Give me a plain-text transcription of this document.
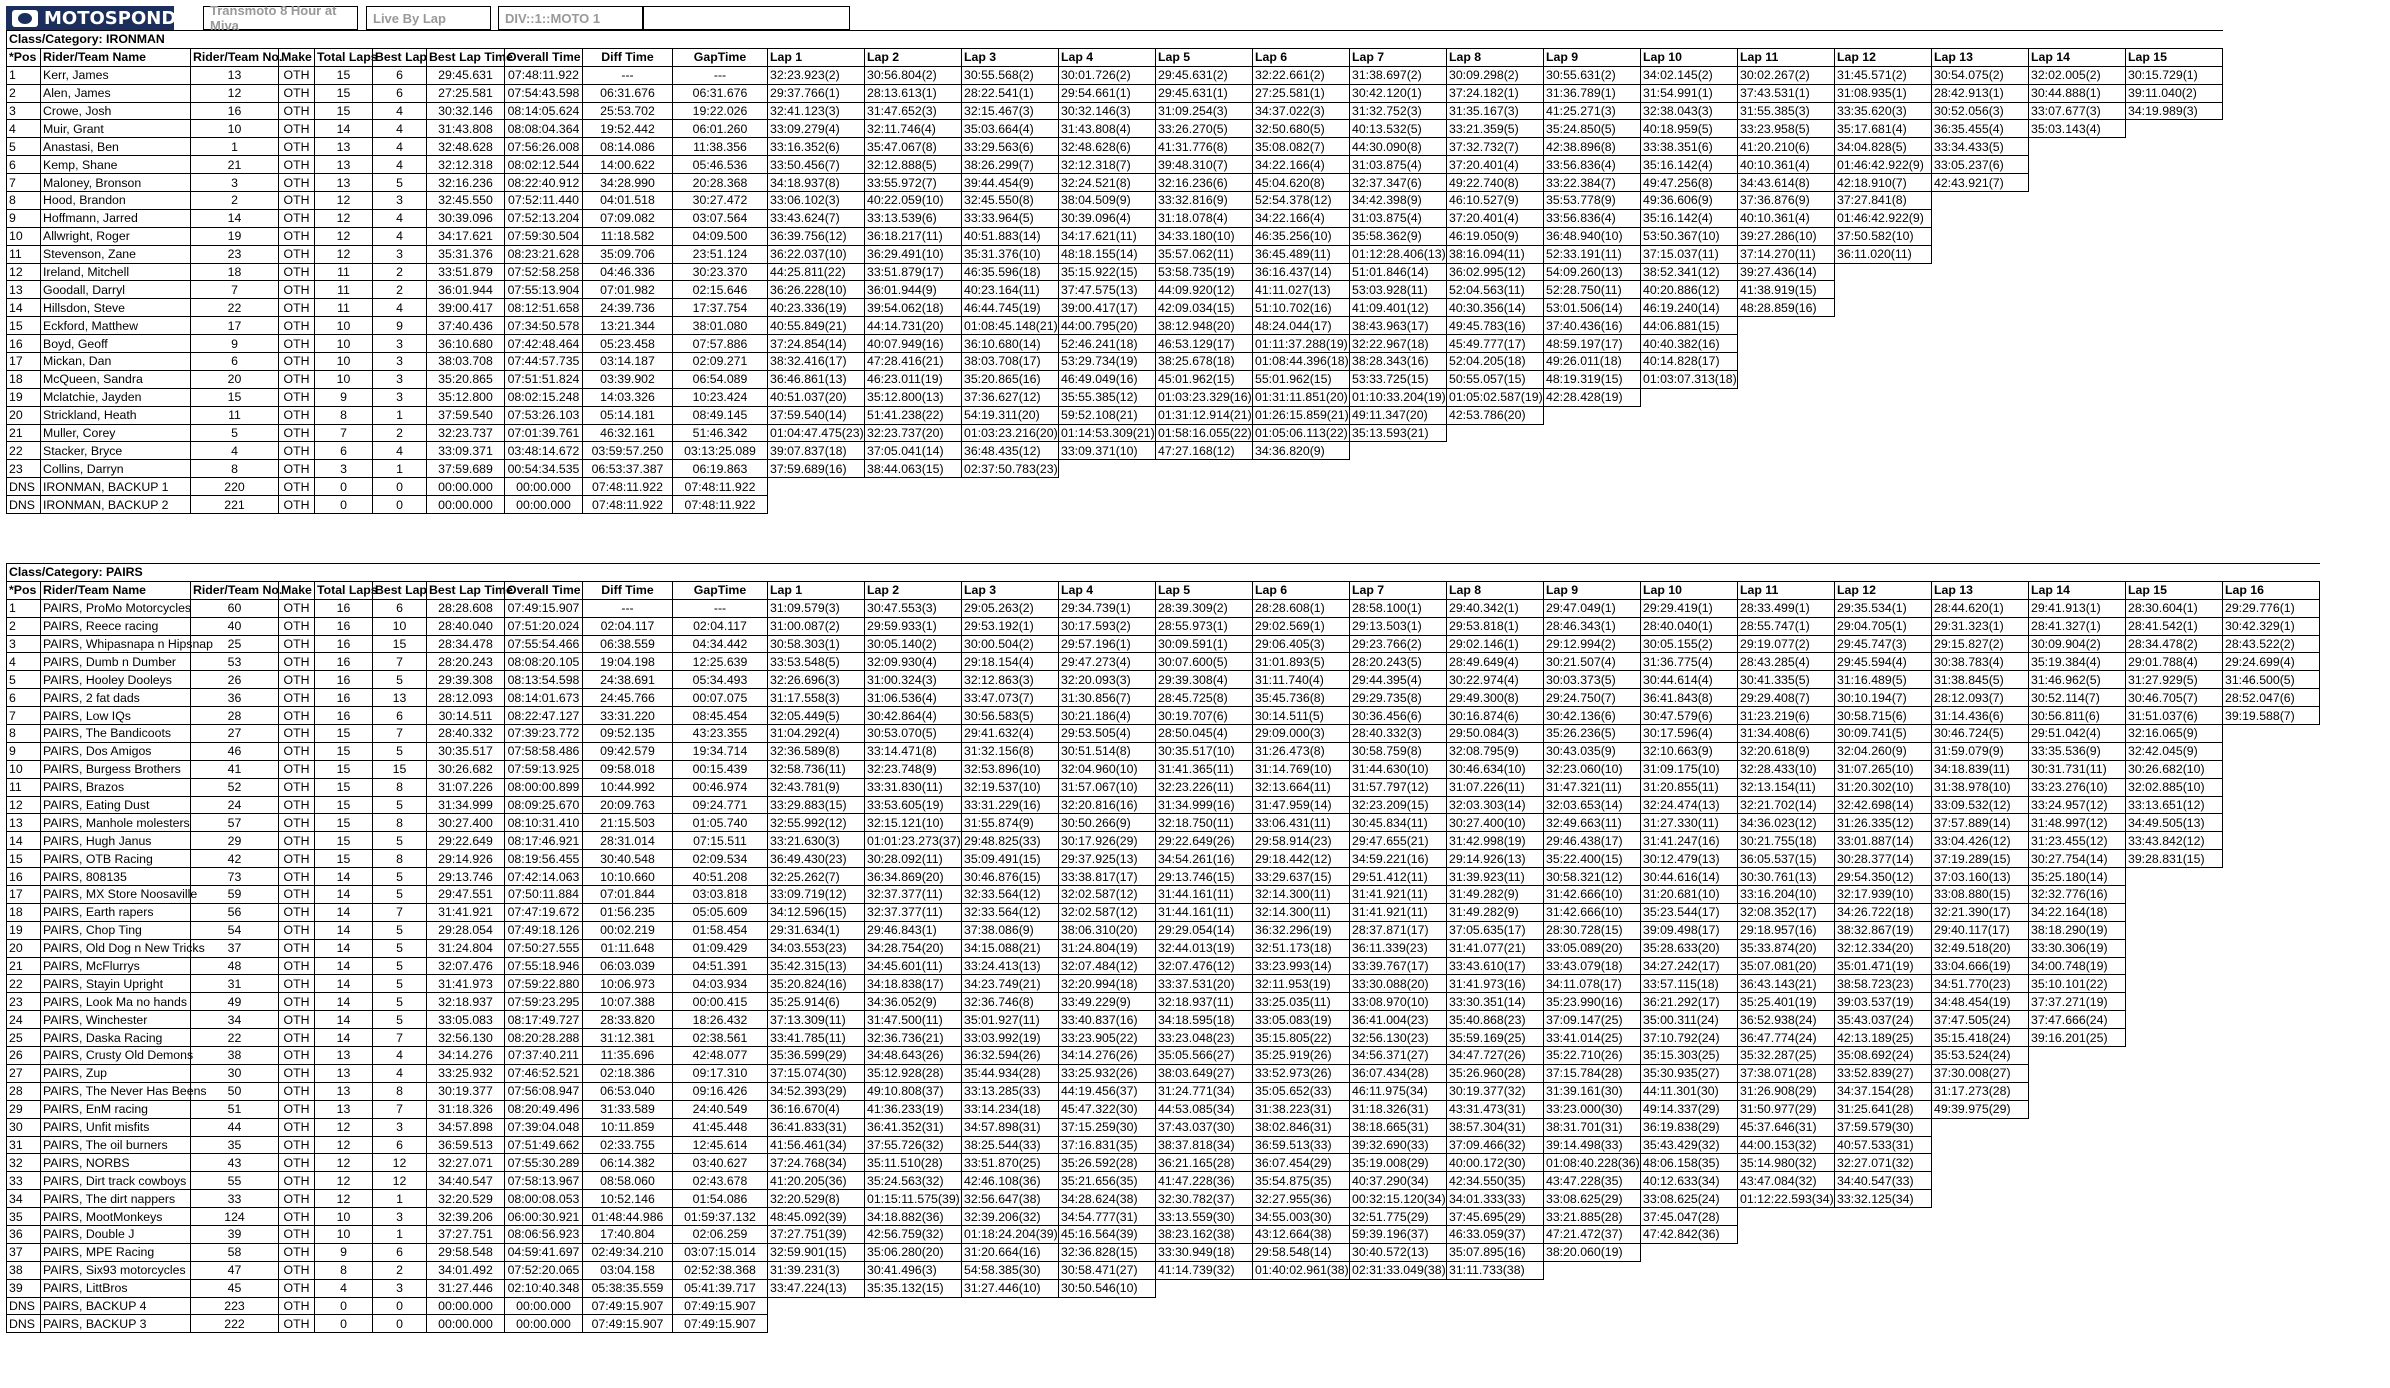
MOTOSPONDER Transmoto 8 Hour at Miva	Live By Lap	DIV::1::MOTO 1
Class/Category: IRONMAN																								
*Pos	Rider/Team Name	Rider/Team No.	Make	Total Laps	Best Lap	Best Lap Time	Overall Time	Diff Time	GapTime	Lap 1	Lap 2	Lap 3	Lap 4	Lap 5	Lap 6	Lap 7	Lap 8	Lap 9	Lap 10	Lap 11	Lap 12	Lap 13	Lap 14	Lap 15
1	Kerr, James	13	OTH	15	6	29:45.631	07:48:11.922	---	---	32:23.923(2)	30:56.804(2)	30:55.568(2)	30:01.726(2)	29:45.631(2)	32:22.661(2)	31:38.697(2)	30:09.298(2)	30:55.631(2)	34:02.145(2)	30:02.267(2)	31:45.571(2)	30:54.075(2)	32:02.005(2)	30:15.729(1)
2	Alen, James	12	OTH	15	6	27:25.581	07:54:43.598	06:31.676	06:31.676	29:37.766(1)	28:13.613(1)	28:22.541(1)	29:54.661(1)	29:45.631(1)	27:25.581(1)	30:42.120(1)	37:24.182(1)	31:36.789(1)	31:54.991(1)	37:43.531(1)	31:08.935(1)	28:42.913(1)	30:44.888(1)	39:11.040(2)
3	Crowe, Josh	16	OTH	15	4	30:32.146	08:14:05.624	25:53.702	19:22.026	32:41.123(3)	31:47.652(3)	32:15.467(3)	30:32.146(3)	31:09.254(3)	34:37.022(3)	31:32.752(3)	31:35.167(3)	41:25.271(3)	32:38.043(3)	31:55.385(3)	33:35.620(3)	30:52.056(3)	33:07.677(3)	34:19.989(3)
4	Muir, Grant	10	OTH	14	4	31:43.808	08:08:04.364	19:52.442	06:01.260	33:09.279(4)	32:11.746(4)	35:03.664(4)	31:43.808(4)	33:26.270(5)	32:50.680(5)	40:13.532(5)	33:21.359(5)	35:24.850(5)	40:18.959(5)	33:23.958(5)	35:17.681(4)	36:35.455(4)	35:03.143(4)	
5	Anastasi, Ben	1	OTH	13	4	32:48.628	07:56:26.008	08:14.086	11:38.356	33:16.352(6)	35:47.067(8)	33:29.563(6)	32:48.628(6)	41:31.776(8)	35:08.082(7)	44:30.090(8)	37:32.732(7)	42:38.896(8)	33:38.351(6)	41:20.210(6)	34:04.828(5)	33:34.433(5)		
6	Kemp, Shane	21	OTH	13	4	32:12.318	08:02:12.544	14:00.622	05:46.536	33:50.456(7)	32:12.888(5)	38:26.299(7)	32:12.318(7)	39:48.310(7)	34:22.166(4)	31:03.875(4)	37:20.401(4)	33:56.836(4)	35:16.142(4)	40:10.361(4)	01:46:42.922(9)	33:05.237(6)		
7	Maloney, Bronson	3	OTH	13	5	32:16.236	08:22:40.912	34:28.990	20:28.368	34:18.937(8)	33:55.972(7)	39:44.454(9)	32:24.521(8)	32:16.236(6)	45:04.620(8)	32:37.347(6)	49:22.740(8)	33:22.384(7)	49:47.256(8)	34:43.614(8)	42:18.910(7)	42:43.921(7)		
8	Hood, Brandon	2	OTH	12	3	32:45.550	07:52:11.440	04:01.518	30:27.472	33:06.102(3)	40:22.059(10)	32:45.550(8)	38:04.509(9)	33:32.816(9)	52:54.378(12)	34:42.398(9)	46:10.527(9)	35:53.778(9)	49:36.606(9)	37:36.876(9)	37:27.841(8)			
9	Hoffmann, Jarred	14	OTH	12	4	30:39.096	07:52:13.204	07:09.082	03:07.564	33:43.624(7)	33:13.539(6)	33:33.964(5)	30:39.096(4)	31:18.078(4)	34:22.166(4)	31:03.875(4)	37:20.401(4)	33:56.836(4)	35:16.142(4)	40:10.361(4)	01:46:42.922(9)			
10	Allwright, Roger	19	OTH	12	4	34:17.621	07:59:30.504	11:18.582	04:09.500	36:39.756(12)	36:18.217(11)	40:51.883(14)	34:17.621(11)	34:33.180(10)	46:35.256(10)	35:58.362(9)	46:19.050(9)	36:48.940(10)	53:50.367(10)	39:27.286(10)	37:50.582(10)			
11	Stevenson, Zane	23	OTH	12	3	35:31.376	08:23:21.628	35:09.706	23:51.124	36:22.037(10)	36:29.491(10)	35:31.376(10)	48:18.155(14)	35:57.062(11)	36:45.489(11)	01:12:28.406(13)	38:16.094(11)	52:33.191(11)	37:15.037(11)	37:14.270(11)	36:11.020(11)			
12	Ireland, Mitchell	18	OTH	11	2	33:51.879	07:52:58.258	04:46.336	30:23.370	44:25.811(22)	33:51.879(17)	46:35.596(18)	35:15.922(15)	53:58.735(19)	36:16.437(14)	51:01.846(14)	36:02.995(12)	54:09.260(13)	38:52.341(12)	39:27.436(14)				
13	Goodall, Darryl	7	OTH	11	2	36:01.944	07:55:13.904	07:01.982	02:15.646	36:26.228(10)	36:01.944(9)	40:23.164(11)	37:47.575(13)	44:09.920(12)	41:11.027(13)	53:03.928(11)	52:04.563(11)	52:28.750(11)	40:20.886(12)	41:38.919(15)				
14	Hillsdon, Steve	22	OTH	11	4	39:00.417	08:12:51.658	24:39.736	17:37.754	40:23.336(19)	39:54.062(18)	46:44.745(19)	39:00.417(17)	42:09.034(15)	51:10.702(16)	41:09.401(12)	40:30.356(14)	53:01.506(14)	46:19.240(14)	48:28.859(16)				
15	Eckford, Matthew	17	OTH	10	9	37:40.436	07:34:50.578	13:21.344	38:01.080	40:55.849(21)	44:14.731(20)	01:08:45.148(21)	44:00.795(20)	38:12.948(20)	48:24.044(17)	38:43.963(17)	49:45.783(16)	37:40.436(16)	44:06.881(15)					
16	Boyd, Geoff	9	OTH	10	3	36:10.680	07:42:48.464	05:23.458	07:57.886	37:24.854(14)	40:07.949(16)	36:10.680(14)	52:46.241(18)	46:53.129(17)	01:11:37.288(19)	32:22.967(18)	45:49.777(17)	48:59.197(17)	40:40.382(16)					
17	Mickan, Dan	6	OTH	10	3	38:03.708	07:44:57.735	03:14.187	02:09.271	38:32.416(17)	47:28.416(21)	38:03.708(17)	53:29.734(19)	38:25.678(18)	01:08:44.396(18)	38:28.343(16)	52:04.205(18)	49:26.011(18)	40:14.828(17)					
18	McQueen, Sandra	20	OTH	10	3	35:20.865	07:51:51.824	03:39.902	06:54.089	36:46.861(13)	46:23.011(19)	35:20.865(16)	46:49.049(16)	45:01.962(15)	55:01.962(15)	53:33.725(15)	50:55.057(15)	48:19.319(15)	01:03:07.313(18)					
19	Mclatchie, Jayden	15	OTH	9	3	35:12.800	08:02:15.248	14:03.326	10:23.424	40:51.037(20)	35:12.800(13)	37:36.627(12)	35:55.385(12)	01:03:23.329(16)	01:31:11.851(20)	01:10:33.204(19)	01:05:02.587(19)	42:28.428(19)						
20	Strickland, Heath	11	OTH	8	1	37:59.540	07:53:26.103	05:14.181	08:49.145	37:59.540(14)	51:41.238(22)	54:19.311(20)	59:52.108(21)	01:31:12.914(21)	01:26:15.859(21)	49:11.347(20)	42:53.786(20)							
21	Muller, Corey	5	OTH	7	2	32:23.737	07:01:39.761	46:32.161	51:46.342	01:04:47.475(23)	32:23.737(20)	01:03:23.216(20)	01:14:53.309(21)	01:58:16.055(22)	01:05:06.113(22)	35:13.593(21)								
22	Stacker, Bryce	4	OTH	6	4	33:09.371	03:48:14.672	03:59:57.250	03:13:25.089	39:07.837(18)	37:05.041(14)	36:48.435(12)	33:09.371(10)	47:27.168(12)	34:36.820(9)									
23	Collins, Darryn	8	OTH	3	1	37:59.689	00:54:34.535	06:53:37.387	06:19.863	37:59.689(16)	38:44.063(15)	02:37:50.783(23)												
DNS	IRONMAN, BACKUP 1	220	OTH	0	0	00:00.000	00:00.000	07:48:11.922	07:48:11.922															
DNS	IRONMAN, BACKUP 2	221	OTH	0	0	00:00.000	00:00.000	07:48:11.922	07:48:11.922															
Class/Category: PAIRS																									
*Pos	Rider/Team Name	Rider/Team No.	Make	Total Laps	Best Lap	Best Lap Time	Overall Time	Diff Time	GapTime	Lap 1	Lap 2	Lap 3	Lap 4	Lap 5	Lap 6	Lap 7	Lap 8	Lap 9	Lap 10	Lap 11	Lap 12	Lap 13	Lap 14	Lap 15	Lap 16
1	PAIRS, ProMo Motorcycles	60	OTH	16	6	28:28.608	07:49:15.907	---	---	31:09.579(3)	30:47.553(3)	29:05.263(2)	29:34.739(1)	28:39.309(2)	28:28.608(1)	28:58.100(1)	29:40.342(1)	29:47.049(1)	29:29.419(1)	28:33.499(1)	29:35.534(1)	28:44.620(1)	29:41.913(1)	28:30.604(1)	29:29.776(1)
2	PAIRS, Reece racing	40	OTH	16	10	28:40.040	07:51:20.024	02:04.117	02:04.117	31:00.087(2)	29:59.933(1)	29:53.192(1)	30:17.593(2)	28:55.973(1)	29:02.569(1)	29:13.503(1)	29:53.818(1)	28:46.343(1)	28:40.040(1)	28:55.747(1)	29:04.705(1)	29:31.323(1)	28:41.327(1)	28:41.542(1)	30:42.329(1)
3	PAIRS, Whipasnapa n Hipsnap	25	OTH	16	15	28:34.478	07:55:54.466	06:38.559	04:34.442	30:58.303(1)	30:05.140(2)	30:00.504(2)	29:57.196(1)	30:09.591(1)	29:06.405(3)	29:23.766(2)	29:02.146(1)	29:12.994(2)	30:05.155(2)	29:19.077(2)	29:45.747(3)	29:15.827(2)	30:09.904(2)	28:34.478(2)	28:43.522(2)
4	PAIRS, Dumb n Dumber	53	OTH	16	7	28:20.243	08:08:20.105	19:04.198	12:25.639	33:53.548(5)	32:09.930(4)	29:18.154(4)	29:47.273(4)	30:07.600(5)	31:01.893(5)	28:20.243(5)	28:49.649(4)	30:21.507(4)	31:36.775(4)	28:43.285(4)	29:45.594(4)	30:38.783(4)	35:19.384(4)	29:01.788(4)	29:24.699(4)
5	PAIRS, Hooley Dooleys	26	OTH	16	5	29:39.308	08:13:54.598	24:38.691	05:34.493	32:26.696(3)	31:00.324(3)	32:12.863(3)	32:20.093(3)	29:39.308(4)	31:11.740(4)	29:44.395(4)	30:22.974(4)	30:03.373(5)	30:44.614(4)	30:41.335(5)	31:16.489(5)	31:38.845(5)	31:46.962(5)	31:27.929(5)	31:46.500(5)
6	PAIRS, 2 fat dads	36	OTH	16	13	28:12.093	08:14:01.673	24:45.766	00:07.075	31:17.558(3)	31:06.536(4)	33:47.073(7)	31:30.856(7)	28:45.725(8)	35:45.736(8)	29:29.735(8)	29:49.300(8)	29:24.750(7)	36:41.843(8)	29:29.408(7)	30:10.194(7)	28:12.093(7)	30:52.114(7)	30:46.705(7)	28:52.047(6)
7	PAIRS, Low IQs	28	OTH	16	6	30:14.511	08:22:47.127	33:31.220	08:45.454	32:05.449(5)	30:42.864(4)	30:56.583(5)	30:21.186(4)	30:19.707(6)	30:14.511(5)	30:36.456(6)	30:16.874(6)	30:42.136(6)	30:47.579(6)	31:23.219(6)	30:58.715(6)	31:14.436(6)	30:56.811(6)	31:51.037(6)	39:19.588(7)
8	PAIRS, The Bandicoots	27	OTH	15	7	28:40.332	07:39:23.772	09:52.135	43:23.355	31:04.292(4)	30:53.070(5)	29:41.632(4)	29:53.505(4)	28:50.045(4)	29:09.000(3)	28:40.332(3)	29:50.084(3)	35:26.236(5)	30:17.596(4)	31:34.408(6)	30:09.741(5)	30:46.724(5)	29:51.042(4)	32:16.065(9)	
9	PAIRS, Dos Amigos	46	OTH	15	5	30:35.517	07:58:58.486	09:42.579	19:34.714	32:36.589(8)	33:14.471(8)	31:32.156(8)	30:51.514(8)	30:35.517(10)	31:26.473(8)	30:58.759(8)	32:08.795(9)	30:43.035(9)	32:10.663(9)	32:20.618(9)	32:04.260(9)	31:59.079(9)	33:35.536(9)	32:42.045(9)	
10	PAIRS, Burgess Brothers	41	OTH	15	15	30:26.682	07:59:13.925	09:58.018	00:15.439	32:58.736(11)	32:23.748(9)	32:53.896(10)	32:04.960(10)	31:41.365(11)	31:14.769(10)	31:44.630(10)	30:46.634(10)	32:23.060(10)	31:09.175(10)	32:28.433(10)	31:07.265(10)	34:18.839(11)	30:31.731(11)	30:26.682(10)	
11	PAIRS, Brazos	52	OTH	15	8	31:07.226	08:00:00.899	10:44.992	00:46.974	32:43.781(9)	33:31.830(11)	32:19.537(10)	31:57.067(10)	32:23.226(11)	32:13.664(11)	31:57.797(12)	31:07.226(11)	31:47.321(11)	31:20.855(11)	32:13.154(11)	31:20.302(10)	31:38.978(10)	33:23.276(10)	32:02.885(10)	
12	PAIRS, Eating Dust	24	OTH	15	5	31:34.999	08:09:25.670	20:09.763	09:24.771	33:29.883(15)	33:53.605(19)	33:31.229(16)	32:20.816(16)	31:34.999(16)	31:47.959(14)	32:23.209(15)	32:03.303(14)	32:03.653(14)	32:24.474(13)	32:21.702(14)	32:42.698(14)	33:09.532(12)	33:24.957(12)	33:13.651(12)	
13	PAIRS, Manhole molesters	57	OTH	15	8	30:27.400	08:10:31.410	21:15.503	01:05.740	32:55.992(12)	32:15.121(10)	31:55.874(9)	30:50.266(9)	32:18.750(11)	33:06.431(11)	30:45.834(11)	30:27.400(10)	32:49.663(11)	31:27.330(11)	34:36.023(12)	31:26.335(12)	37:57.889(14)	31:48.997(12)	34:49.505(13)	
14	PAIRS, Hugh Janus	29	OTH	15	5	29:22.649	08:17:46.921	28:31.014	07:15.511	33:21.630(3)	01:01:23.273(37)	29:48.825(33)	30:17.926(29)	29:22.649(26)	29:58.914(23)	29:47.655(21)	31:42.998(19)	29:46.438(17)	31:41.247(16)	30:21.755(18)	33:01.887(14)	33:04.426(12)	31:23.455(12)	33:43.842(12)	
15	PAIRS, OTB Racing	42	OTH	15	8	29:14.926	08:19:56.455	30:40.548	02:09.534	36:49.430(23)	30:28.092(11)	35:09.491(15)	29:37.925(13)	34:54.261(16)	29:18.442(12)	34:59.221(16)	29:14.926(13)	35:22.400(15)	30:12.479(13)	36:05.537(15)	30:28.377(14)	37:19.289(15)	30:27.754(14)	39:28.831(15)	
16	PAIRS, 808135	73	OTH	14	5	29:13.746	07:42:14.063	10:10.660	40:51.208	32:25.262(7)	36:34.869(20)	30:46.876(15)	33:38.817(17)	29:13.746(15)	33:29.637(15)	29:51.412(11)	31:39.923(11)	30:58.321(12)	30:44.616(14)	30:30.761(13)	29:54.350(12)	37:03.160(13)	35:25.180(14)		
17	PAIRS, MX Store Noosaville	59	OTH	14	5	29:47.551	07:50:11.884	07:01.844	03:03.818	33:09.719(12)	32:37.377(11)	32:33.564(12)	32:02.587(12)	31:44.161(11)	32:14.300(11)	31:41.921(11)	31:49.282(9)	31:42.666(10)	31:20.681(10)	33:16.204(10)	32:17.939(10)	33:08.880(15)	32:32.776(16)		
18	PAIRS, Earth rapers	56	OTH	14	7	31:41.921	07:47:19.672	01:56.235	05:05.609	34:12.596(15)	32:37.377(11)	32:33.564(12)	32:02.587(12)	31:44.161(11)	32:14.300(11)	31:41.921(11)	31:49.282(9)	31:42.666(10)	35:23.544(17)	32:08.352(17)	34:26.722(18)	32:21.390(17)	34:22.164(18)		
19	PAIRS, Chop Ting	54	OTH	14	5	29:28.054	07:49:18.126	00:02.219	01:58.454	29:31.634(1)	29:46.843(1)	37:38.086(9)	38:06.310(20)	29:29.054(14)	36:32.296(19)	28:37.871(17)	37:05.635(17)	28:30.728(15)	39:09.498(17)	29:18.957(16)	38:32.867(19)	29:40.117(17)	38:18.290(19)		
20	PAIRS, Old Dog n New Tricks	37	OTH	14	5	31:24.804	07:50:27.555	01:11.648	01:09.429	34:03.553(23)	34:28.754(20)	34:15.088(21)	31:24.804(19)	32:44.013(19)	32:51.173(18)	36:11.339(23)	31:41.077(21)	33:05.089(20)	35:28.633(20)	35:33.874(20)	32:12.334(20)	32:49.518(20)	33:30.306(19)		
21	PAIRS, McFlurrys	48	OTH	14	5	32:07.476	07:55:18.946	06:03.039	04:51.391	35:42.315(13)	34:45.601(11)	33:24.413(13)	32:07.484(12)	32:07.476(12)	33:23.993(14)	33:39.767(17)	33:43.610(17)	33:43.079(18)	34:27.242(17)	35:07.081(20)	35:01.471(19)	33:04.666(19)	34:00.748(19)		
22	PAIRS, Stayin Upright	31	OTH	14	5	31:41.973	07:59:22.880	10:06.973	04:03.934	35:20.824(16)	34:18.838(17)	34:23.749(21)	32:20.994(18)	33:37.531(20)	32:11.953(19)	33:30.088(20)	31:41.973(16)	34:11.078(17)	33:57.115(18)	36:43.143(21)	38:58.723(23)	34:51.770(23)	35:10.101(22)		
23	PAIRS, Look Ma no hands	49	OTH	14	5	32:18.937	07:59:23.295	10:07.388	00:00.415	35:25.914(6)	34:36.052(9)	32:36.746(8)	33:49.229(9)	32:18.937(11)	33:25.035(11)	33:08.970(10)	33:30.351(14)	35:23.990(16)	36:21.292(17)	35:25.401(19)	39:03.537(19)	34:48.454(19)	37:37.271(19)		
24	PAIRS, Winchester	34	OTH	14	5	33:05.083	08:17:49.727	28:33.820	18:26.432	37:13.309(11)	31:47.500(11)	35:01.927(11)	33:40.837(16)	34:18.595(18)	33:05.083(19)	36:41.004(23)	35:40.868(23)	37:09.147(25)	35:00.311(24)	36:52.938(24)	35:43.037(24)	37:47.505(24)	37:47.666(24)		
25	PAIRS, Daska Racing	22	OTH	14	7	32:56.130	08:20:28.288	31:12.381	02:38.561	33:41.785(11)	32:36.736(21)	33:03.992(19)	33:23.905(22)	33:23.048(23)	35:15.805(22)	32:56.130(23)	35:59.169(25)	33:41.014(25)	37:10.792(24)	36:47.774(24)	42:13.189(25)	35:15.418(24)	39:16.201(25)		
26	PAIRS, Crusty Old Demons	38	OTH	13	4	34:14.276	07:37:40.211	11:35.696	42:48.077	35:36.599(29)	34:48.643(26)	36:32.594(26)	34:14.276(26)	35:05.566(27)	35:25.919(26)	34:56.371(27)	34:47.727(26)	35:22.710(26)	35:15.303(25)	35:32.287(25)	35:08.692(24)	35:53.524(24)			
27	PAIRS, Zup	30	OTH	13	4	33:25.932	07:46:52.521	02:18.386	09:17.310	37:15.074(30)	35:12.928(28)	35:44.934(28)	33:25.932(26)	38:03.649(27)	33:52.973(26)	36:07.434(28)	35:26.960(28)	37:15.784(28)	35:30.935(27)	37:38.071(28)	33:52.839(27)	37:30.008(27)			
28	PAIRS, The Never Has Beens	50	OTH	13	8	30:19.377	07:56:08.947	06:53.040	09:16.426	34:52.393(29)	49:10.808(37)	33:13.285(33)	44:19.456(37)	31:24.771(34)	35:05.652(33)	46:11.975(34)	30:19.377(32)	31:39.161(30)	44:11.301(30)	31:26.908(29)	34:37.154(28)	31:17.273(28)			
29	PAIRS, EnM racing	51	OTH	13	7	31:18.326	08:20:49.496	31:33.589	24:40.549	36:16.670(4)	41:36.233(19)	33:14.234(18)	45:47.322(30)	44:53.085(34)	31:38.223(31)	31:18.326(31)	43:31.473(31)	33:23.000(30)	49:14.337(29)	31:50.977(29)	31:25.641(28)	49:39.975(29)			
30	PAIRS, Unfit misfits	44	OTH	12	3	34:57.898	07:39:04.048	10:11.859	41:45.448	36:41.833(31)	36:41.352(31)	34:57.898(31)	37:15.259(30)	37:43.037(30)	38:02.846(31)	38:18.665(31)	38:57.304(31)	38:31.701(31)	36:19.838(29)	45:37.646(31)	37:59.579(30)				
31	PAIRS, The oil burners	35	OTH	12	6	36:59.513	07:51:49.662	02:33.755	12:45.614	41:56.461(34)	37:55.726(32)	38:25.544(33)	37:16.831(35)	38:37.818(34)	36:59.513(33)	39:32.690(33)	37:09.466(32)	39:14.498(33)	35:43.429(32)	44:00.153(32)	40:57.533(31)				
32	PAIRS, NORBS	43	OTH	12	12	32:27.071	07:55:30.289	06:14.382	03:40.627	37:24.768(34)	35:11.510(28)	33:51.870(25)	35:26.592(28)	36:21.165(28)	36:07.454(29)	35:19.008(29)	40:00.172(30)	01:08:40.228(36)	48:06.158(35)	35:14.980(32)	32:27.071(32)				
33	PAIRS, Dirt track cowboys	55	OTH	12	12	34:40.547	07:58:13.967	08:58.060	02:43.678	41:20.205(36)	35:24.563(32)	42:46.108(36)	35:21.656(35)	41:47.228(36)	35:54.875(35)	40:37.290(34)	42:34.550(35)	43:47.228(35)	40:12.633(34)	43:47.084(32)	34:40.547(33)				
34	PAIRS, The dirt nappers	33	OTH	12	1	32:20.529	08:00:08.053	10:52.146	01:54.086	32:20.529(8)	01:15:11.575(39)	32:56.647(38)	34:28.624(38)	32:30.782(37)	32:27.955(36)	00:32:15.120(34)	34:01.333(33)	33:08.625(29)	33:08.625(24)	01:12:22.593(34)	33:32.125(34)				
35	PAIRS, MootMonkeys	124	OTH	10	3	32:39.206	06:00:30.921	01:48:44.986	01:59:37.132	48:45.092(39)	34:18.882(36)	32:39.206(32)	34:54.777(31)	33:13.559(30)	34:55.003(30)	32:51.775(29)	37:45.695(29)	33:21.885(28)	37:45.047(28)						
36	PAIRS, Double J	39	OTH	10	1	37:27.751	08:06:56.923	17:40.804	02:06.259	37:27.751(39)	42:56.759(32)	01:18:24.204(39)	45:16.564(39)	38:23.162(38)	43:12.664(38)	59:39.196(37)	46:33.059(37)	47:21.472(37)	47:42.842(36)						
37	PAIRS, MPE Racing	58	OTH	9	6	29:58.548	04:59:41.697	02:49:34.210	03:07:15.014	32:59.901(15)	35:06.280(20)	31:20.664(16)	32:36.828(15)	33:30.949(18)	29:58.548(14)	30:40.572(13)	35:07.895(16)	38:20.060(19)							
38	PAIRS, Six93 motorcycles	47	OTH	8	2	34:01.492	07:52:20.065	03:04.158	02:52:38.368	31:39.231(3)	30:41.496(3)	54:58.385(30)	30:58.471(27)	41:14.739(32)	01:40:02.961(38)	02:31:33.049(38)	31:11.733(38)								
39	PAIRS, LittBros	45	OTH	4	3	31:27.446	02:10:40.348	05:38:35.559	05:41:39.717	33:47.224(13)	35:35.132(15)	31:27.446(10)	30:50.546(10)												
DNS	PAIRS, BACKUP 4	223	OTH	0	0	00:00.000	00:00.000	07:49:15.907	07:49:15.907																
DNS	PAIRS, BACKUP 3	222	OTH	0	0	00:00.000	00:00.000	07:49:15.907	07:49:15.907																
